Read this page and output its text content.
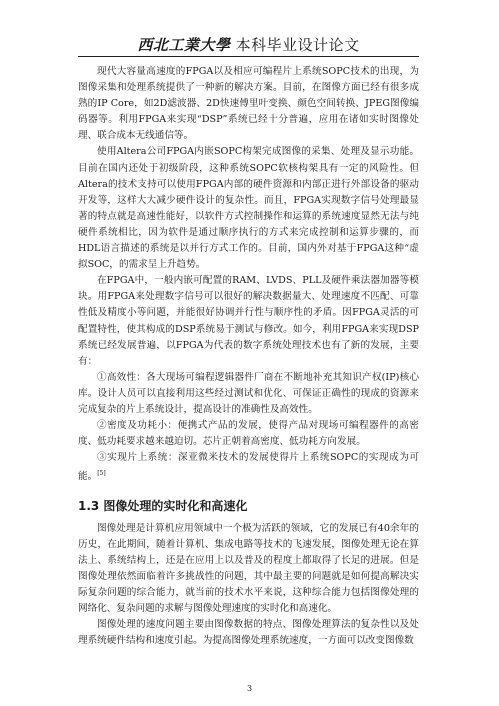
西北工業大學 本科毕业设计论文

现代大容量高速度的FPGA以及相应可编程片上系统SOPC技术的出现，为图像采集和处理系统提供了一种新的解决方案。目前，在图像方面已经有很多成熟的IP Core，如2D滤波器、2D快速傅里叶变换、颜色空间转换、JPEG图像编码器等。利用FPGA来实现“DSP”系统已经十分普遍，应用在诸如实时图像处理、联合成本无线通信等。

使用Altera公司FPGA内嵌SOPC构架完成图像的采集、处理及显示功能。目前在国内还处于初级阶段，这种系统SOPC软核构架具有一定的风险性。但Altera的技术支持可以使用FPGA内部的硬件资源和内部正进行外部设备的驱动开发等，这样大大减少硬件设计的复杂性。而且，FPGA实现数字信号处理最显著的特点就是高速性能好，以软件方式控制操作和运算的系统速度显然无法与纯硬件系统相比，因为软件是通过顺序执行的方式来完成控制和运算步骤的，而HDL语言描述的系统是以并行方式工作的。目前，国内外对基于FPGA这种“虚拟SOC，的需求呈上升趋势。

在FPGA中，一般内嵌可配置的RAM、LVDS、PLL及硬件乘法器加器等模块。用FPGA来处理数字信号可以很好的解决数据量大、处理速度不匹配、可靠性低及精度小等问题，并能很好协调并行性与顺序性的矛盾。因FPGA灵活的可配置特性，使其构成的DSP系统易于测试与修改。如今，利用FPGA来实现DSP系统已经发展普遍，以FPGA为代表的数字系统处理技术也有了新的发展，主要有：

①高效性：各大现场可编程逻辑器件厂商在不断地补充其知识产权(IP)核心库。设计人员可以直接利用这些经过测试和优化、可保证正确性的现成的资源来完成复杂的片上系统设计，提高设计的准确性及高效性。

②密度及功耗小：便携式产品的发展，使得产品对现场可编程器件的高密度、低功耗要求越来越迫切。芯片正朝着高密度、低功耗方向发展。

③实现片上系统：深亚微米技术的发展使得片上系统SOPC的实现成为可能。[5]

1.3 图像处理的实时化和高速化

图像处理是计算机应用领域中一个极为活跃的领域，它的发展已有40余年的历史，在此期间，随着计算机、集成电路等技术的飞速发展，图像处理无论在算法上、系统结构上，还是在应用上以及普及的程度上都取得了长足的进展。但是图像处理依然面临着许多挑战性的问题，其中最主要的问题就是如何提高解决实际复杂问题的综合能力，就当前的技术水平来说，这种综合能力包括图像处理的网络化、复杂问题的求解与图像处理速度的实时化和高速化。

图像处理的速度问题主要由图像数据的特点、图像处理算法的复杂性以及处理系统硬件结构和速度引起。为提高图像处理系统速度，一方面可以改变图像数

3
